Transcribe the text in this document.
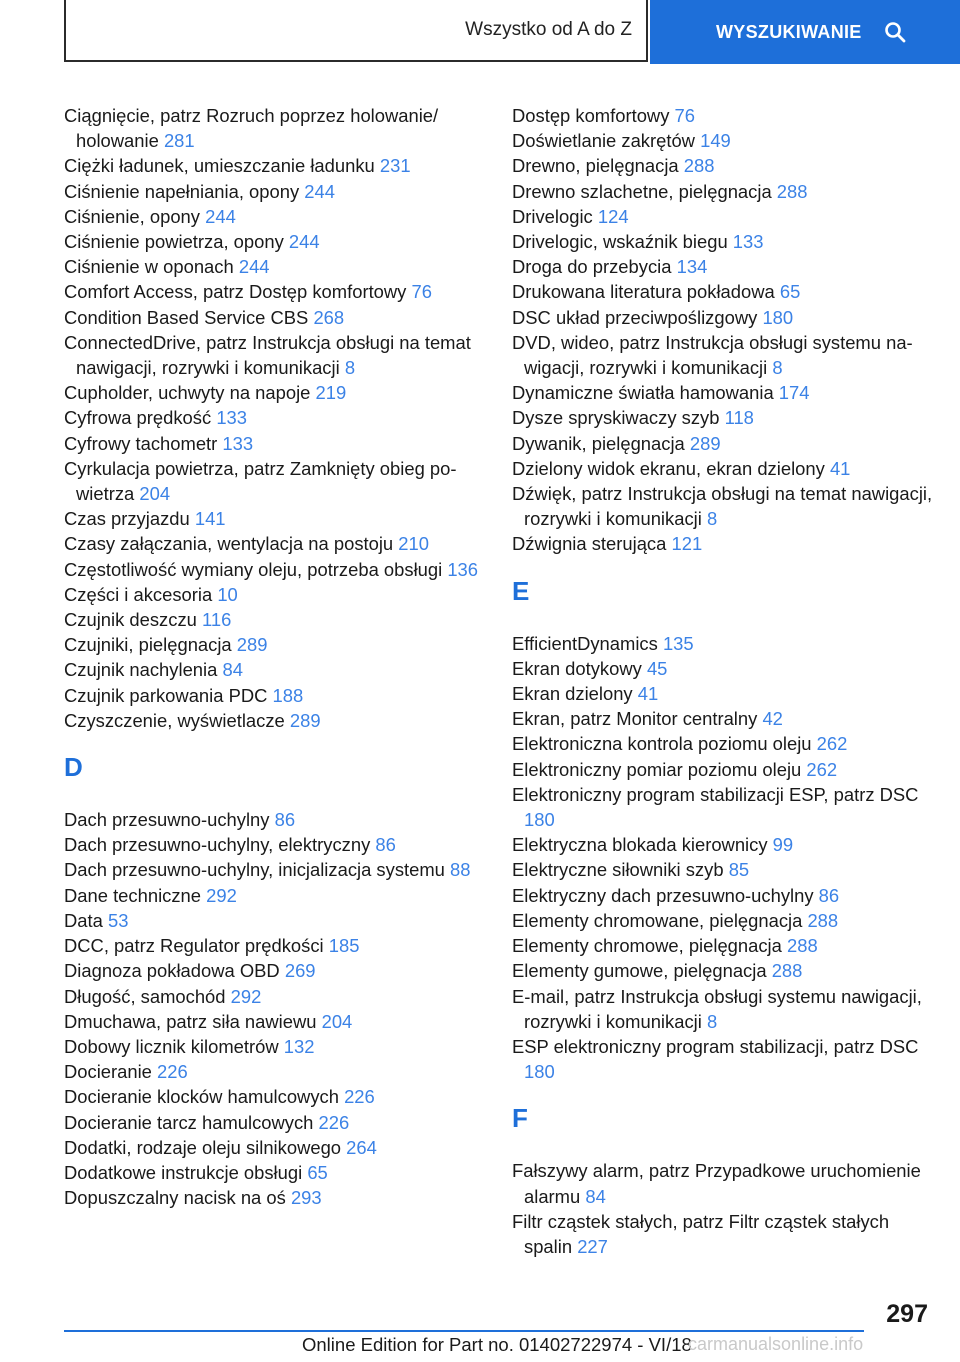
Wszystko od A do Z	WYSZUKIWANIE
Ciągnięcie, patrz Rozruch poprzez holowanie/ holowanie 281
Ciężki ładunek, umieszczanie ładunku 231
Ciśnienie napełniania, opony 244
Ciśnienie, opony 244
Ciśnienie powietrza, opony 244
Ciśnienie w oponach 244
Comfort Access, patrz Dostęp komfortowy 76
Condition Based Service CBS 268
ConnectedDrive, patrz Instrukcja obsługi na temat nawigacji, rozrywki i komunikacji 8
Cupholder, uchwyty na napoje 219
Cyfrowa prędkość 133
Cyfrowy tachometr 133
Cyrkulacja powietrza, patrz Zamknięty obieg powietrza 204
Czas przyjazdu 141
Czasy załączania, wentylacja na postoju 210
Częstotliwość wymiany oleju, potrzeba obsługi 136
Części i akcesoria 10
Czujnik deszczu 116
Czujniki, pielęgnacja 289
Czujnik nachylenia 84
Czujnik parkowania PDC 188
Czyszczenie, wyświetlacze 289
D
Dach przesuwno-uchylny 86
Dach przesuwno-uchylny, elektryczny 86
Dach przesuwno-uchylny, inicjalizacja systemu 88
Dane techniczne 292
Data 53
DCC, patrz Regulator prędkości 185
Diagnoza pokładowa OBD 269
Długość, samochód 292
Dmuchawa, patrz siła nawiewu 204
Dobowy licznik kilometrów 132
Docieranie 226
Docieranie klocków hamulcowych 226
Docieranie tarcz hamulcowych 226
Dodatki, rodzaje oleju silnikowego 264
Dodatkowe instrukcje obsługi 65
Dopuszczalny nacisk na oś 293
Dostęp komfortowy 76
Doświetlanie zakrętów 149
Drewno, pielęgnacja 288
Drewno szlachetne, pielęgnacja 288
Drivelogic 124
Drivelogic, wskaźnik biegu 133
Droga do przebycia 134
Drukowana literatura pokładowa 65
DSC układ przeciwpoślizgowy 180
DVD, wideo, patrz Instrukcja obsługi systemu nawigacji, rozrywki i komunikacji 8
Dynamiczne światła hamowania 174
Dysze spryskiwaczy szyb 118
Dywanik, pielęgnacja 289
Dzielony widok ekranu, ekran dzielony 41
Dźwięk, patrz Instrukcja obsługi na temat nawigacji, rozrywki i komunikacji 8
Dźwignia sterująca 121
E
EfficientDynamics 135
Ekran dotykowy 45
Ekran dzielony 41
Ekran, patrz Monitor centralny 42
Elektroniczna kontrola poziomu oleju 262
Elektroniczny pomiar poziomu oleju 262
Elektroniczny program stabilizacji ESP, patrz DSC 180
Elektryczna blokada kierownicy 99
Elektryczne siłowniki szyb 85
Elektryczny dach przesuwno-uchylny 86
Elementy chromowane, pielęgnacja 288
Elementy chromowe, pielęgnacja 288
Elementy gumowe, pielęgnacja 288
E-mail, patrz Instrukcja obsługi systemu nawigacji, rozrywki i komunikacji 8
ESP elektroniczny program stabilizacji, patrz DSC 180
F
Fałszywy alarm, patrz Przypadkowe uruchomienie alarmu 84
Filtr cząstek stałych, patrz Filtr cząstek stałych spalin 227
297
Online Edition for Part no. 01402722974 - VI/18
carmanualsonline.info
